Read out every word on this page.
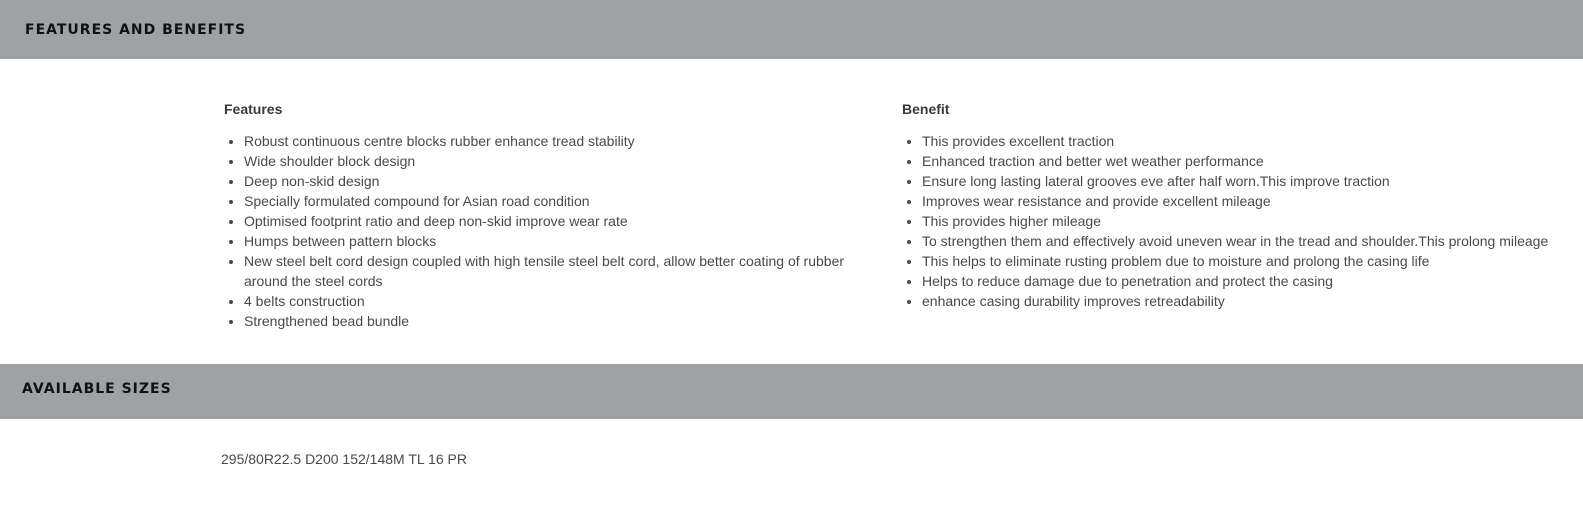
FEATURES AND BENEFITS
Features
• Robust continuous centre blocks rubber enhance tread stability
• Wide shoulder block design
• Deep non-skid design
• Specially formulated compound for Asian road condition
• Optimised footprint ratio and deep non-skid improve wear rate
• Humps between pattern blocks
• New steel belt cord design coupled with high tensile steel belt cord, allow better coating of rubber around the steel cords
• 4 belts construction
• Strengthened bead bundle
Benefit
• This provides excellent traction
• Enhanced traction and better wet weather performance
• Ensure long lasting lateral grooves eve after half worn.This improve traction
• Improves wear resistance and provide excellent mileage
• This provides higher mileage
• To strengthen them and effectively avoid uneven wear in the tread and shoulder.This prolong mileage
• This helps to eliminate rusting problem due to moisture and prolong the casing life
• Helps to reduce damage due to penetration and protect the casing
• enhance casing durability improves retreadability
AVAILABLE SIZES
295/80R22.5 D200 152/148M TL 16 PR
